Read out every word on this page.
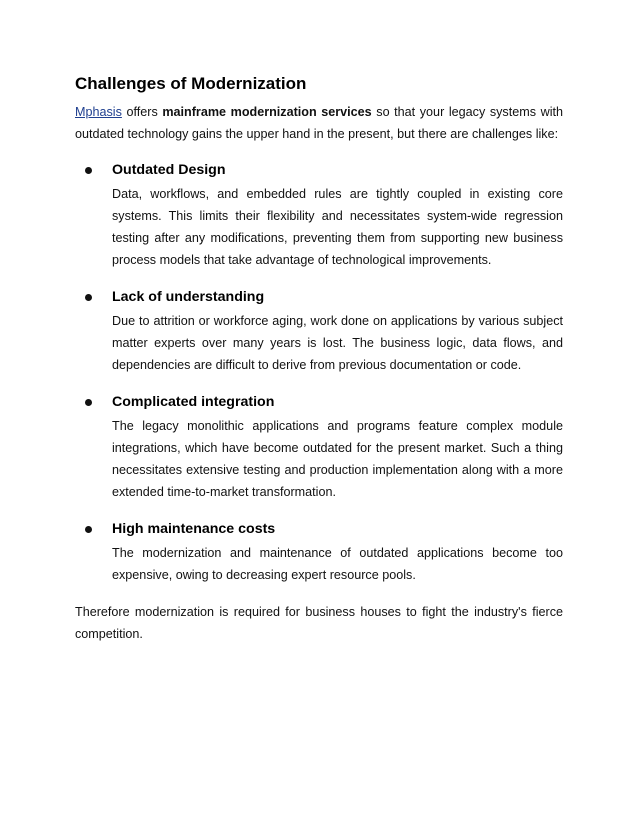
Challenges of Modernization

Mphasis offers mainframe modernization services so that your legacy systems with outdated technology gains the upper hand in the present, but there are challenges like:

Outdated Design

Data, workflows, and embedded rules are tightly coupled in existing core systems. This limits their flexibility and necessitates system-wide regression testing after any modifications, preventing them from supporting new business process models that take advantage of technological improvements.

Lack of understanding

Due to attrition or workforce aging, work done on applications by various subject matter experts over many years is lost. The business logic, data flows, and dependencies are difficult to derive from previous documentation or code.

Complicated integration

The legacy monolithic applications and programs feature complex module integrations, which have become outdated for the present market. Such a thing necessitates extensive testing and production implementation along with a more extended time-to-market transformation.

High maintenance costs

The modernization and maintenance of outdated applications become too expensive, owing to decreasing expert resource pools.

Therefore modernization is required for business houses to fight the industry's fierce competition.
